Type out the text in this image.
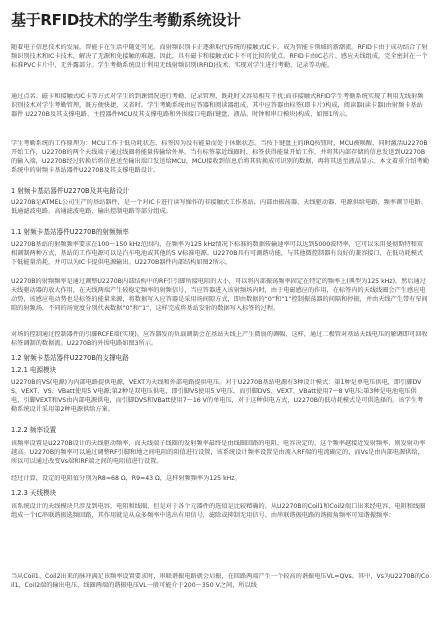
基于RFID技术的学生考勤系统设计
随着电子信息技术的发展，智能卡在生活中随处可见。而射频识别卡正逐渐取代传统的接触式IC卡，成为智能卡领域的新潮流。RFID卡由于成功结合了射频识别技术和IC卡技术，解决了无源和免接触的难题，因此，具有磁卡和接触式IC卡不可比拟的优点。RFID卡由IC芯片、感应天线组成，完全密封在一个标准PVC卡片中，无外露部分。学生考勤系统设计利用无线射频识别(RFID)技术，实现对学生进行考勤、记录等功能。
通过点名、磁卡和接触式IC卡等方式对学生的到课情况进行考勤、记录管理，既耗时又容易相互干扰;而非接触式RFID学生考勤系统实现了利用无线射频识别技术对学生考勤管理，既方便快捷，又省时。学生考勤系统由应答器和阅读器组成，其中应答器由标签(即卡片)构成，阅读器(读卡器)由射频卡基站器件 U2270B及其支撑电路、主控器件MCU及其支撑电路和外围接口电路(键盘、液晶、时钟和串口模块)构成，如图1所示。
学生考勤系统的工作原理为：MCU工作于低功耗状态，标签因为没有能量而处于休眠状态。当按下键盘上的IRQ按钮时，MCU被唤醒，同时激活U2270B 开始工作，U2270B的两个天线端子通过线圈将能量传输给外界。当有标签靠近线圈时，标签获得能量开始工作，并将其内部存储的信息发送到U2270B的输入端，U2270B经过转换后将信息送至输出端口发送给MCU，MCU接收到信息后将其转换成可识别的数据，再将其送至液晶显示。本文着重介绍考勤系统中的射频卡基站器件U2270B及其支撑电路设计。
1 射频卡基站器件U2270B及其电路设计
U2270B是ATMEL公司生产的基站器件，是一个对IC卡进行读写操作的非接触式工作基站，内部由振荡器、天线驱动器、电源供给电路、频率调节电路、低通滤波电路、高通滤波电路、输出控制电路等部分组成。
1.1 射频卡基站器件U2270B的射频频率
U2270B基站的射频频率要求在100～150 kHz范围内，在频率为125 kHz情况下标准的数据传输速率可以达到5000波特率，它可以采用曼彻斯特和双相调制两种方式，基站的工作电源可以是汽车电池或其他的5 V标准电源。U2270B具有可调谐功能，与其他微控制器有良好的兼容接口，在低功耗模式下低能量消耗，并可以为IC卡提供电源输出。U2270B器件内部结构如图2所示。
U2270B的射频频率是通过调整U2270B内部结构中的RF引引脚所接电阻的大小，可以将内部振荡频率固定在特定的频率上(典型为125 kHz)，然后通过天线驱动器的放大作用，在天线两端产生较稳定频率的射频信号，当应答器进入该射频场内时，由于电磁感应的作用，在标签内的天线线圈会产生感应电动势，该感应电动势也是标签的能量来源，将数据写入应答器是采用场间隙方式，即由数据的“0”和“1”控制振荡器的间隔和停振，并由天线产生带有窄间隙的射频场，不同的场宽度分别代表数据“0”和“1”，这样完成将基站发射的数据写入标签的过程。
对场的控制通过控制器件的引脚RCFE端(实现)。应答器发的负载调制会在基站天线上产生微弱的调幅，这样，通过二极管对基站天线电压的解调即可回收标签调制的数据流。U2270B的外围电路如图3所示。
1.2 射频卡基站器件U2270B的支撑电路
1.2.1 电源模块
U2270B的VS(电源)为内部电路提供电源，VEXT为天线和外部电路提供电压。对于U2270B基站电源有3种设计模式：第1种是单电压供电，即引脚DVS、VEXT、VS、VBatt使用5 V电源;第2种是双电压供电，即引脚VS使用5 V电压，而引脚DVS、VEXT、VBatt使用7～8 V电压;第3种是电池电压供电，引脚VEXT和VS由内部电源供电，而引脚DVS和VBatt使用7～16 V的单电压，对于这种供电方式，U2270B的低功耗模式是可供选择的。该学生考勤系统设计采用第2种电源供给方案。
1.2.2 频率设置
该频率设置是U2270B设计的天线驱动频率，而天线端子线圈的发射频率最终是由线圈回路的电阻、电容决定的，这个频率越接近发射频率，则发射功率越高。U2270B的频率可以通过调整RF引脚和地之间电阻的阻值进行设置，该系统设计频率设置是由流入RF端的电流确定的，而Vs是由内部电源供给，所以可以通过改变Vs端和RF端之间的电阻值进行设置。
经过计算，设定的电阻值分别为R8=68 Ω，R9=43 Ω，这样射频频率为125 kHz。
1.2.3 天线模块
该系统设计的天线模块只涉及到电容，电阻和线圈，但是对于各个元器件的选值是比较精确的。从U2270B的Coil1和Coil2端口出来经电容、电阻和线圈组成一个IC串联谐振选频回路，其作用就是从众多频率中选出有用信号，滤除或抑制无用信号。由串联谐振电路的谐振角频率可知谐振频率：
当从Coil1、Coil2出来的脉冲满足该频率设置要求时，串联谐振电路就会启振，在回路两端产生一个较高的谐振电压VL=QVs。其中，Vs为U2270B的Coil1、Coil2端的输出电压，线圈两端的谐振电压VL一般可能介于200～350 V之间，所以线
